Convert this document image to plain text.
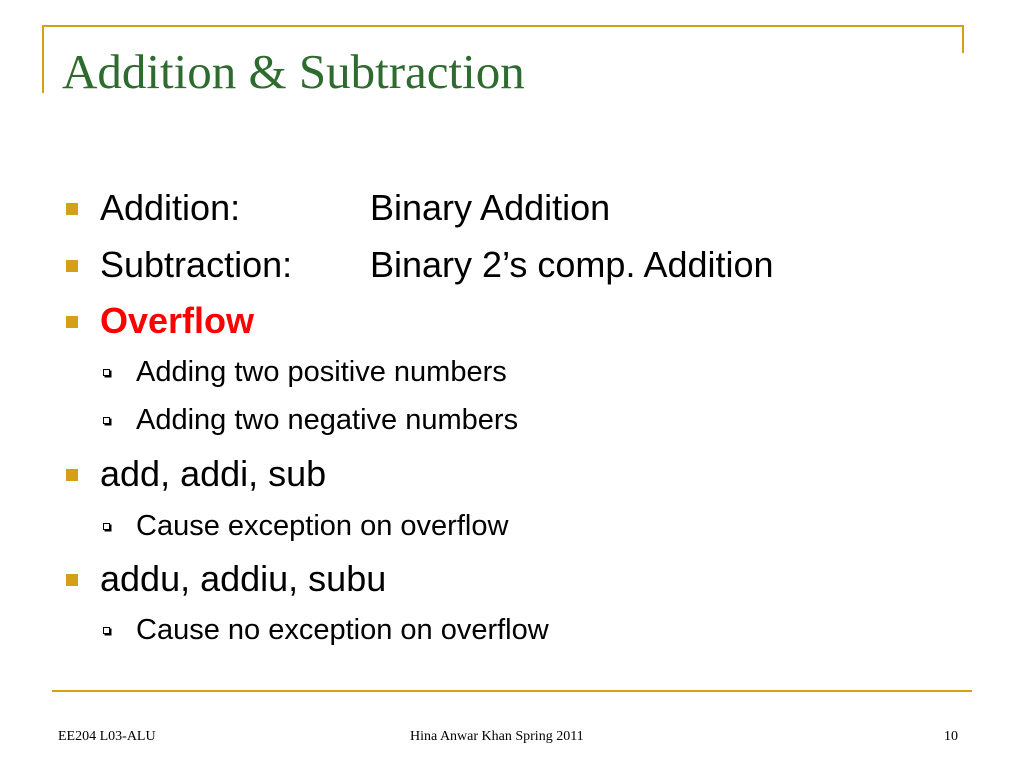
Addition & Subtraction
Addition:	Binary Addition
Subtraction: Binary 2’s comp. Addition
Overflow
Adding two positive numbers
Adding two negative numbers
add, addi, sub
Cause exception on overflow
addu, addiu, subu
Cause no exception on overflow
EE204 L03-ALU	Hina Anwar Khan Spring 2011	10
